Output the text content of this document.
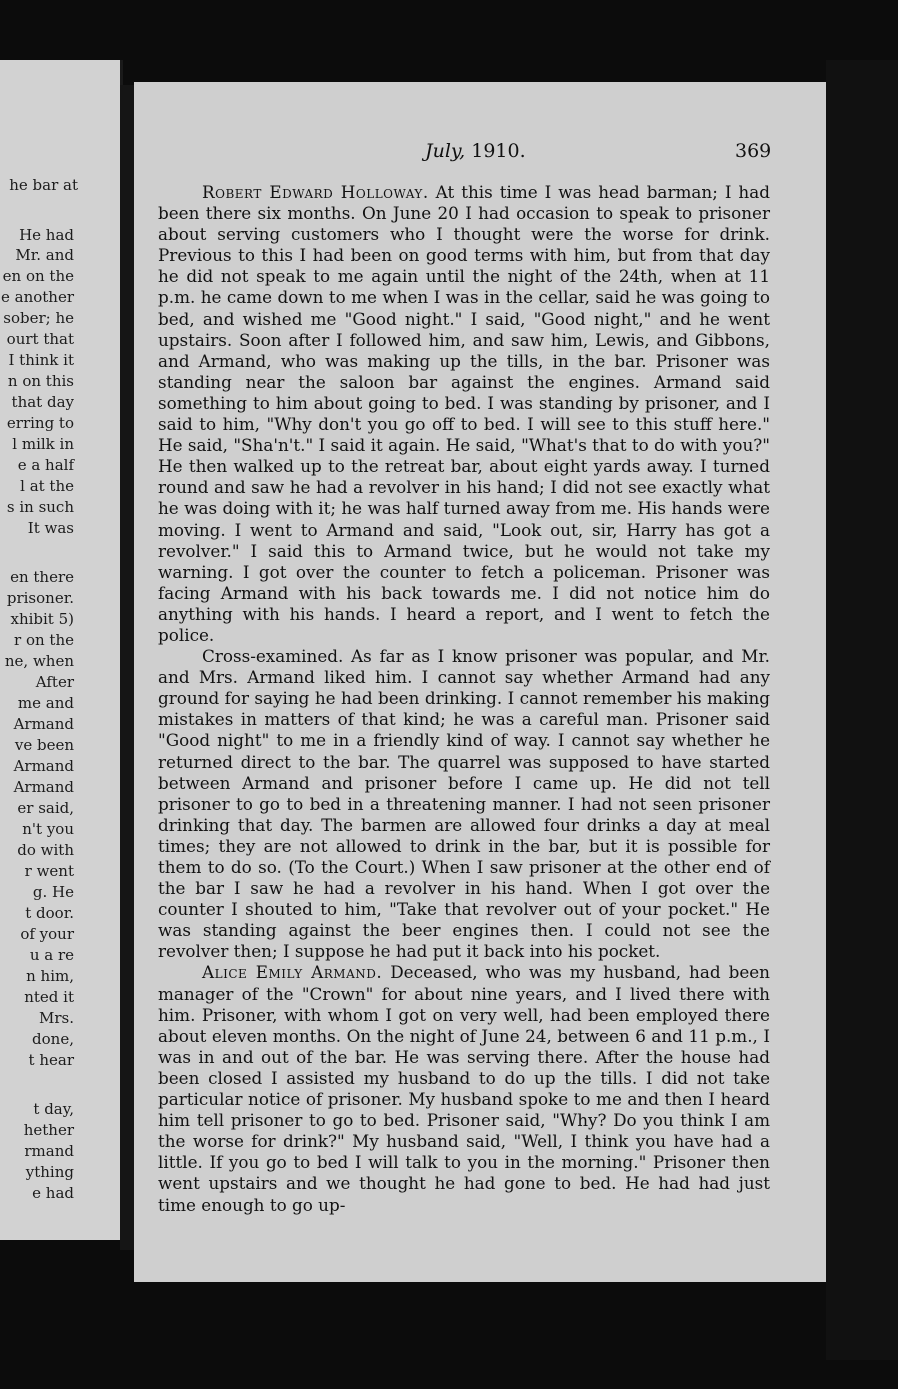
he bar at
He had
Mr. and
en on the
e another
sober; he
ourt that
I think it
n on this
that day
erring to
l milk in
e a half
l at the
s in such
It was
en there
prisoner.
xhibit 5)
r on the
ne, when
After
me and
Armand
ve been
Armand
Armand
er said,
n't you
do with
r went
g. He
t door.
of your
u a re
n him,
nted it
Mrs.
done,
t hear
t day,
hether
rmand
ything
e had
July, 1910.	369

Robert Edward Holloway. At this time I was head barman; I had been there six months. On June 20 I had occasion to speak to prisoner about serving customers who I thought were the worse for drink. Previous to this I had been on good terms with him, but from that day he did not speak to me again until the night of the 24th, when at 11 p.m. he came down to me when I was in the cellar, said he was going to bed, and wished me "Good night." I said, "Good night," and he went upstairs. Soon after I followed him, and saw him, Lewis, and Gibbons, and Armand, who was making up the tills, in the bar. Prisoner was standing near the saloon bar against the engines. Armand said something to him about going to bed. I was standing by prisoner, and I said to him, "Why don't you go off to bed. I will see to this stuff here." He said, "Sha'n't." I said it again. He said, "What's that to do with you?" He then walked up to the retreat bar, about eight yards away. I turned round and saw he had a revolver in his hand; I did not see exactly what he was doing with it; he was half turned away from me. His hands were moving. I went to Armand and said, "Look out, sir, Harry has got a revolver." I said this to Armand twice, but he would not take my warning. I got over the counter to fetch a policeman. Prisoner was facing Armand with his back towards me. I did not notice him do anything with his hands. I heard a report, and I went to fetch the police.

Cross-examined. As far as I know prisoner was popular, and Mr. and Mrs. Armand liked him. I cannot say whether Armand had any ground for saying he had been drinking. I cannot remember his making mistakes in matters of that kind; he was a careful man. Prisoner said "Good night" to me in a friendly kind of way. I cannot say whether he returned direct to the bar. The quarrel was supposed to have started between Armand and prisoner before I came up. He did not tell prisoner to go to bed in a threatening manner. I had not seen prisoner drinking that day. The barmen are allowed four drinks a day at meal times; they are not allowed to drink in the bar, but it is possible for them to do so. (To the Court.) When I saw prisoner at the other end of the bar I saw he had a revolver in his hand. When I got over the counter I shouted to him, "Take that revolver out of your pocket." He was standing against the beer engines then. I could not see the revolver then; I suppose he had put it back into his pocket.

Alice Emily Armand. Deceased, who was my husband, had been manager of the "Crown" for about nine years, and I lived there with him. Prisoner, with whom I got on very well, had been employed there about eleven months. On the night of June 24, between 6 and 11 p.m., I was in and out of the bar. He was serving there. After the house had been closed I assisted my husband to do up the tills. I did not take particular notice of prisoner. My husband spoke to me and then I heard him tell prisoner to go to bed. Prisoner said, "Why? Do you think I am the worse for drink?" My husband said, "Well, I think you have had a little. If you go to bed I will talk to you in the morning." Prisoner then went upstairs and we thought he had gone to bed. He had had just time enough to go up-
